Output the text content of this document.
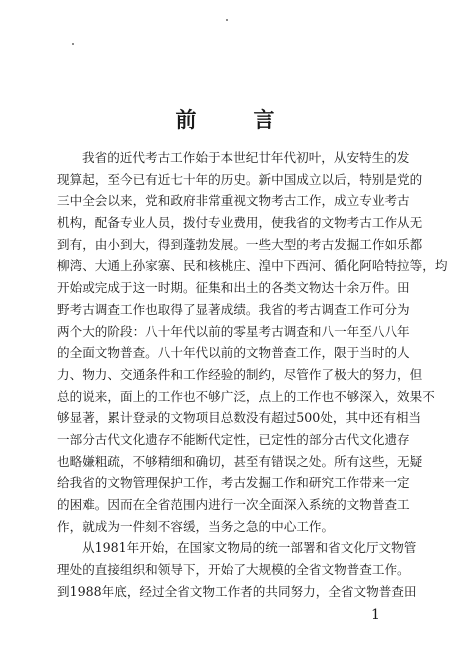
前　言
我省的近代考古工作始于本世纪廿年代初叶，从安特生的发
现算起，至今已有近七十年的历史。新中国成立以后，特别是党的
三中全会以来，党和政府非常重视文物考古工作，成立专业考古
机构，配备专业人员，拨付专业费用，使我省的文物考古工作从无
到有，由小到大，得到蓬勃发展。一些大型的考古发掘工作如乐都
柳湾、大通上孙家寨、民和核桃庄、湟中下西河、循化阿哈特拉等，均
开始或完成于这一时期。征集和出土的各类文物达十余万件。田
野考古调查工作也取得了显著成绩。我省的考古调查工作可分为
两个大的阶段：八十年代以前的零星考古调查和八一年至八八年
的全面文物普查。八十年代以前的文物普查工作，限于当时的人
力、物力、交通条件和工作经验的制约，尽管作了极大的努力，但
总的说来，面上的工作也不够广泛，点上的工作也不够深入，效果不
够显著，累计登录的文物项目总数没有超过500处，其中还有相当
一部分古代文化遗存不能断代定性，已定性的部分古代文化遗存
也略嫌粗疏，不够精细和确切，甚至有错误之处。所有这些，无疑
给我省的文物管理保护工作，考古发掘工作和研究工作带来一定
的困难。因而在全省范围内进行一次全面深入系统的文物普查工
作，就成为一件刻不容缓，当务之急的中心工作。
从1981年开始，在国家文物局的统一部署和省文化厅文物管
理处的直接组织和领导下，开始了大规模的全省文物普查工作。
到1988年底，经过全省文物工作者的共同努力，全省文物普查田
1
